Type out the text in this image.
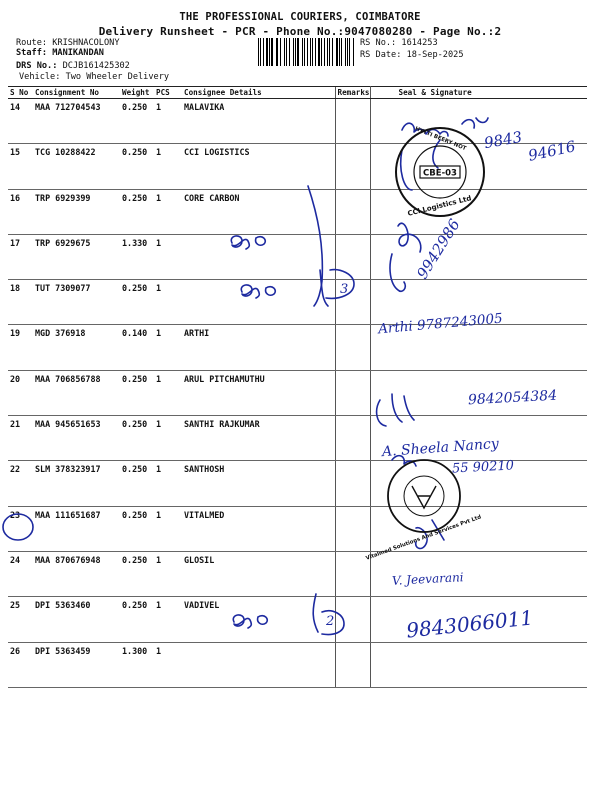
THE PROFESSIONAL COURIERS, COIMBATORE
Delivery Runsheet - PCR - Phone No.:9047080280 - Page No.:2
Route: KRISHNACOLONY
Staff: MANIKANDAN
DRS No.: DCJB161425302
Vehicle: Two Wheeler Delivery
RS No.: 1614253
RS Date: 18-Sep-2025
S No	Consignment No	Weight	PCS	Consignee Details	Remarks	Seal & Signature
14	MAA 712704543	0.250	1	MALAVIKA		
15	TCG 10288422	0.250	1	CCI LOGISTICS		
16	TRP 6929399	0.250	1	CORE CARBON		
17	TRP 6929675	1.330	1			
18	TUT 7309077	0.250	1			
19	MGD 376918	0.140	1	ARTHI		
20	MAA 706856788	0.250	1	ARUL PITCHAMUTHU		
21	MAA 945651653	0.250	1	SANTHI RAJKUMAR		
22	SLM 378323917	0.250	1	SANTHOSH		
23	MAA 111651687	0.250	1	VITALMED		
24	MAA 870676948	0.250	1	GLOSIL		
25	DPI 5363460	0.250	1	VADIVEL		
26	DPI 5363459	1.300	1			
CBE-03
CCI Logistics Ltd
HYTTI BEERY NOT
Vitalmed Solutions And Services Pvt Ltd
9843 94616
9942986
Arthi 9787243005
9842054384
A. Sheela Nancy
55 90210
V. Jeevarani
9843066011
3
2
